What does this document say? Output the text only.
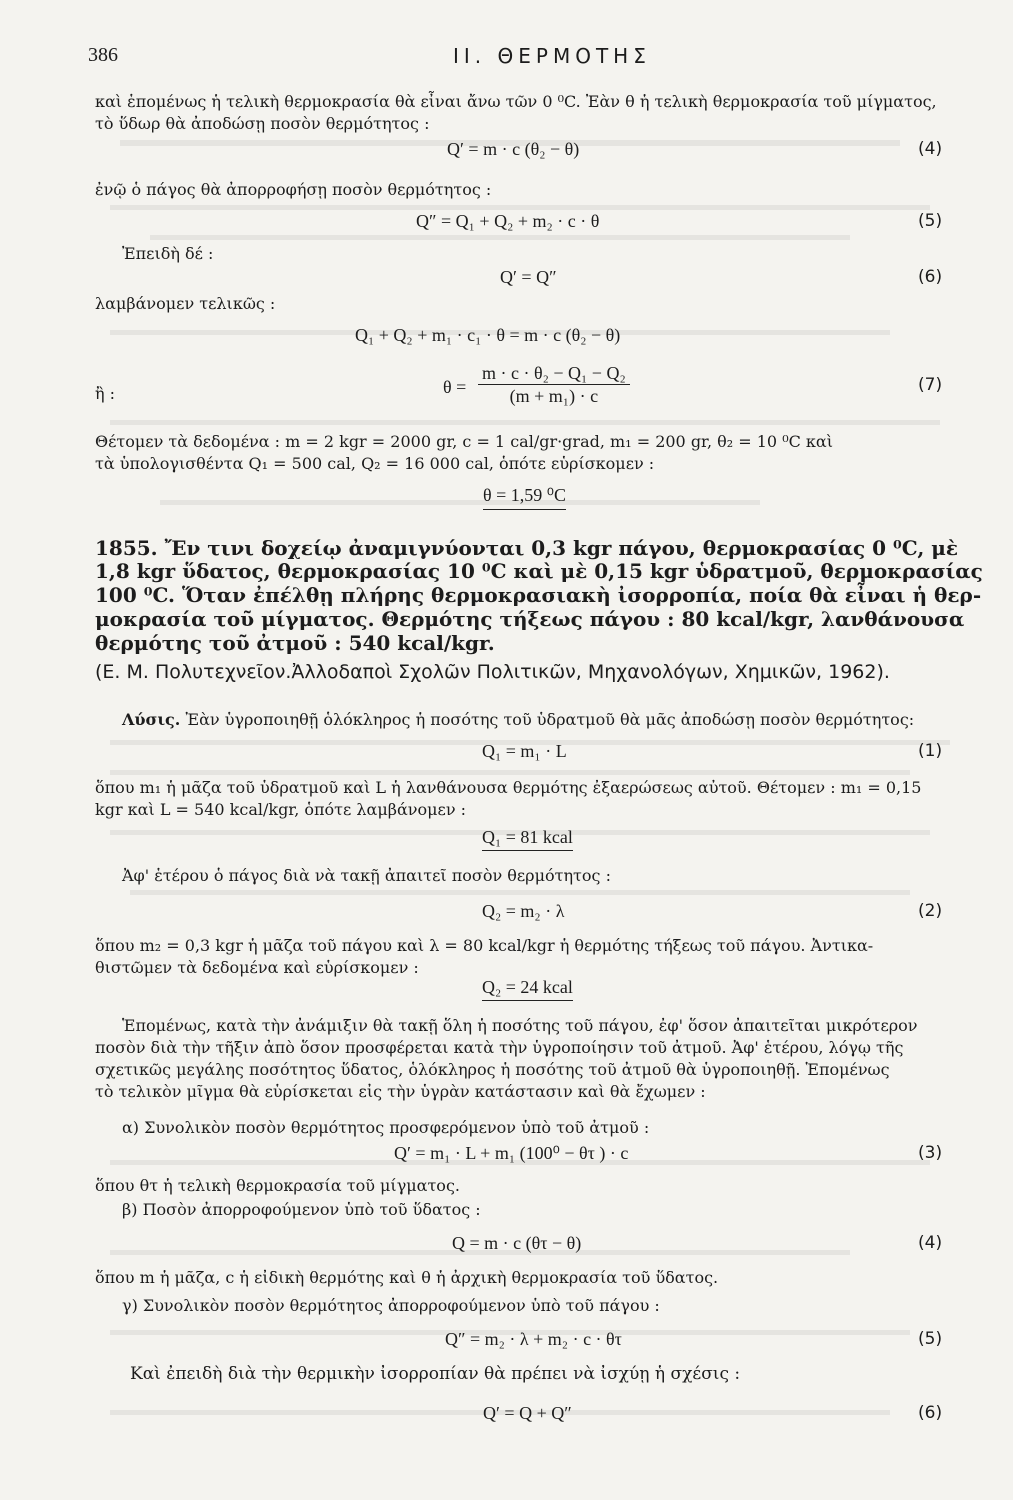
386	ΙΙ. ΘΕΡΜΟΤΗΣ
καὶ ἑπομένως ἡ τελικὴ θερμοκρασία θὰ εἶναι ἄνω τῶν 0 ⁰C. Ἐὰν θ ἡ τελικὴ θερμοκρασία τοῦ μίγματος,
τὸ ὕδωρ θὰ ἀποδώσῃ ποσὸν θερμότητος :
Q′ = m · c (θ₂ − θ)	(4)
ἐνῷ ὁ πάγος θὰ ἀπορροφήσῃ ποσὸν θερμότητος :
Q″ = Q₁ + Q₂ + m₂ · c · θ	(5)
Ἐπειδὴ δέ :
Q′ = Q″	(6)
λαμβάνομεν τελικῶς :
Q₁ + Q₂ + m₁ · c₁ · θ = m · c (θ₂ − θ)
ἢ :	$\theta = \frac{\text{m · c · θ₂ − Q₁ − Q₂}}{\text{(m + m₁) · c}}$	(7)
Θέτομεν τὰ δεδομένα : m = 2 kgr = 2000 gr, c = 1 cal/gr·grad, m₁ = 200 gr, θ₂ = 10 ⁰C καὶ
τὰ ὑπολογισθέντα Q₁ = 500 cal, Q₂ = 16 000 cal, ὁπότε εὑρίσκομεν :
θ = 1,59 ⁰C
1855. Ἔν τινι δοχείῳ ἀναμιγνύονται 0,3 kgr πάγου, θερμοκρασίας 0 ⁰C, μὲ
1,8 kgr ὕδατος, θερμοκρασίας 10 ⁰C καὶ μὲ 0,15 kgr ὑδρατμοῦ, θερμοκρασίας
100 ⁰C. Ὅταν ἐπέλθῃ πλήρης θερμοκρασιακὴ ἰσορροπία, ποία θὰ εἶναι ἡ θερ-
μοκρασία τοῦ μίγματος. Θερμότης τήξεως πάγου : 80 kcal/kgr, λανθάνουσα
θερμότης τοῦ ἀτμοῦ : 540 kcal/kgr.
(Ε. Μ. Πολυτεχνεῖον.Ἀλλοδαποὶ Σχολῶν Πολιτικῶν, Μηχανολόγων, Χημικῶν, 1962).
Λύσις. Ἐὰν ὑγροποιηθῇ ὁλόκληρος ἡ ποσότης τοῦ ὑδρατμοῦ θὰ μᾶς ἀποδώσῃ ποσὸν θερμότητος:
Q₁ = m₁ · L	(1)
ὅπου m₁ ἡ μᾶζα τοῦ ὑδρατμοῦ καὶ L ἡ λανθάνουσα θερμότης ἐξαερώσεως αὐτοῦ. Θέτομεν : m₁ = 0,15
kgr καὶ L = 540 kcal/kgr, ὁπότε λαμβάνομεν :
Q₁ = 81 kcal
Ἀφ' ἑτέρου ὁ πάγος διὰ νὰ τακῇ ἀπαιτεῖ ποσὸν θερμότητος :
Q₂ = m₂ · λ	(2)
ὅπου m₂ = 0,3 kgr ἡ μᾶζα τοῦ πάγου καὶ λ = 80 kcal/kgr ἡ θερμότης τήξεως τοῦ πάγου. Ἀντικα-
θιστῶμεν τὰ δεδομένα καὶ εὑρίσκομεν :
Q₂ = 24 kcal
Ἑπομένως, κατὰ τὴν ἀνάμιξιν θὰ τακῇ ὅλη ἡ ποσότης τοῦ πάγου, ἐφ' ὅσον ἀπαιτεῖται μικρότερον
ποσὸν διὰ τὴν τῆξιν ἀπὸ ὅσον προσφέρεται κατὰ τὴν ὑγροποίησιν τοῦ ἀτμοῦ. Ἀφ' ἑτέρου, λόγῳ τῆς
σχετικῶς μεγάλης ποσότητος ὕδατος, ὁλόκληρος ἡ ποσότης τοῦ ἀτμοῦ θὰ ὑγροποιηθῇ. Ἑπομένως
τὸ τελικὸν μῖγμα θὰ εὑρίσκεται εἰς τὴν ὑγρὰν κατάστασιν καὶ θὰ ἔχωμεν :
α) Συνολικὸν ποσὸν θερμότητος προσφερόμενον ὑπὸ τοῦ ἀτμοῦ :
Q′ = m₁ · L + m₁ (100⁰ − θτ ) · c	(3)
ὅπου θτ ἡ τελικὴ θερμοκρασία τοῦ μίγματος.
β) Ποσὸν ἀπορροφούμενον ὑπὸ τοῦ ὕδατος :
Q = m · c (θτ − θ)	(4)
ὅπου m ἡ μᾶζα, c ἡ εἰδικὴ θερμότης καὶ θ ἡ ἀρχικὴ θερμοκρασία τοῦ ὕδατος.
γ) Συνολικὸν ποσὸν θερμότητος ἀπορροφούμενον ὑπὸ τοῦ πάγου :
Q″ = m₂ · λ + m₂ · c · θτ	(5)
Καὶ ἐπειδὴ διὰ τὴν θερμικὴν ἰσορροπίαν θὰ πρέπει νὰ ἰσχύῃ ἡ σχέσις :
Q′ = Q + Q″	(6)
